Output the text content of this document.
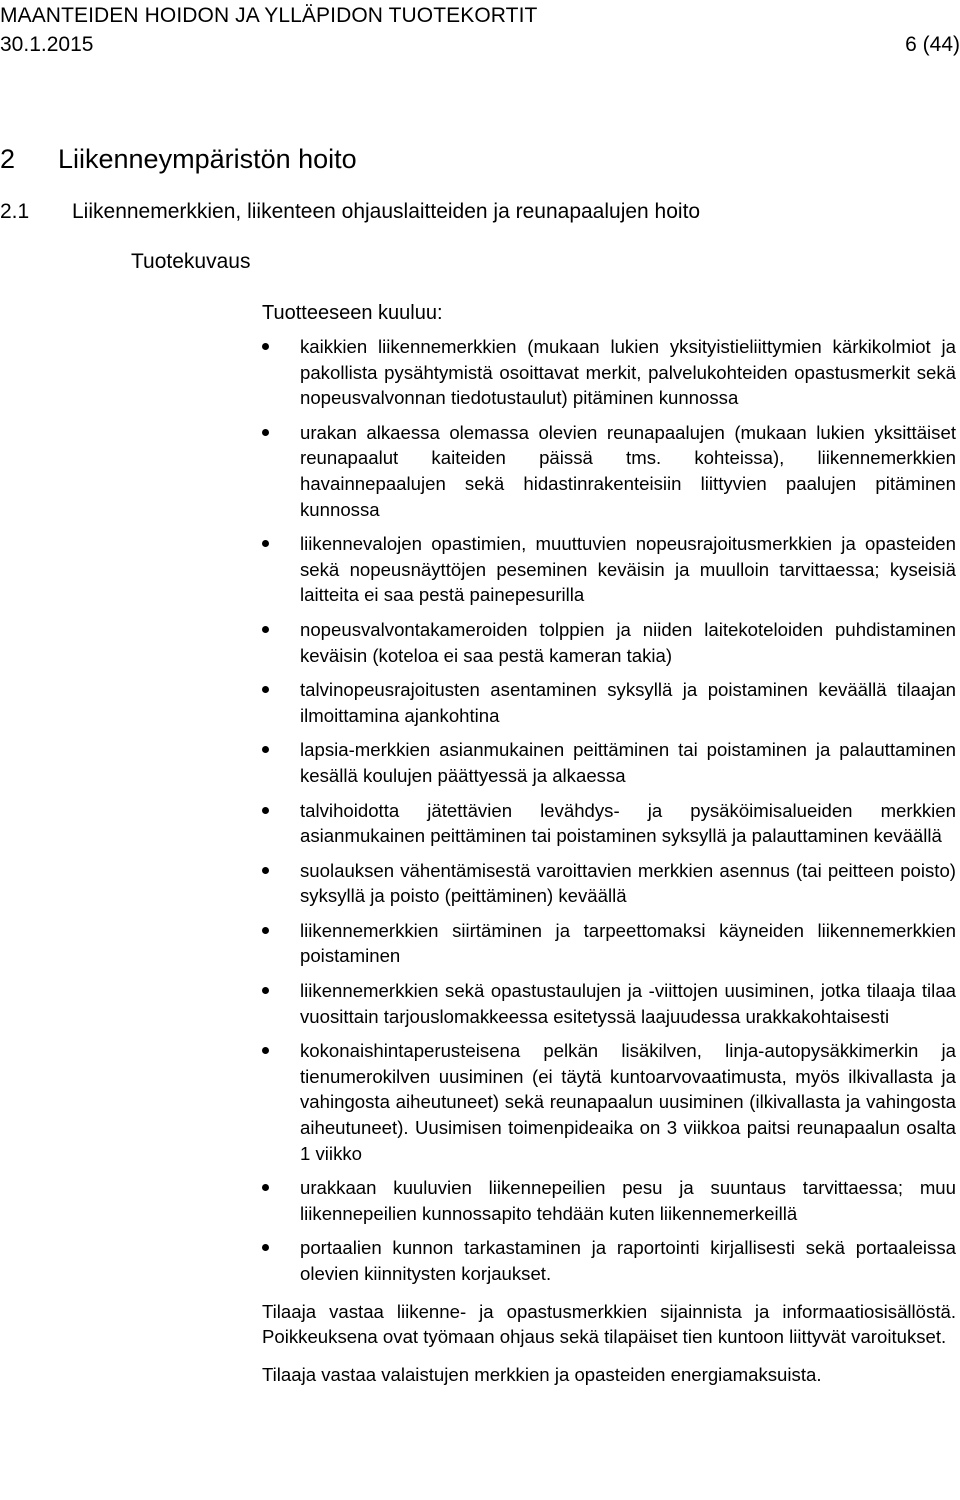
MAANTEIDEN HOIDON JA YLLÄPIDON TUOTEKORTIT
30.1.2015	6 (44)
2 Liikenneympäristön hoito
2.1 Liikennemerkkien, liikenteen ohjauslaitteiden ja reunapaalujen hoito
Tuotekuvaus
Tuotteeseen kuuluu:
kaikkien liikennemerkkien (mukaan lukien yksityistieliittymien kärkikolmiot ja pakollista pysähtymistä osoittavat merkit, palvelukohteiden opastusmerkit sekä nopeusvalvonnan tiedotustaulut) pitäminen kunnossa
urakan alkaessa olemassa olevien reunapaalujen (mukaan lukien yksittäiset reunapaalut kaiteiden päissä tms. kohteissa), liikennemerkkien havainnepaalujen sekä hidastinrakenteisiin liittyvien paalujen pitäminen kunnossa
liikennevalojen opastimien, muuttuvien nopeusrajoitusmerkkien ja opasteiden sekä nopeusnäyttöjen peseminen keväisin ja muulloin tarvittaessa; kyseisiä laitteita ei saa pestä painepesurilla
nopeusvalvontakameroiden tolppien ja niiden laitekoteloiden puhdistaminen keväisin (koteloa ei saa pestä kameran takia)
talvinopeusrajoitusten asentaminen syksyllä ja poistaminen keväällä tilaajan ilmoittamina ajankohtina
lapsia-merkkien asianmukainen peittäminen tai poistaminen ja palauttaminen kesällä koulujen päättyessä ja alkaessa
talvihoidotta jätettävien levähdys- ja pysäköimisalueiden merkkien asianmukainen peittäminen tai poistaminen syksyllä ja palauttaminen keväällä
suolauksen vähentämisestä varoittavien merkkien asennus (tai peitteen poisto) syksyllä ja poisto (peittäminen) keväällä
liikennemerkkien siirtäminen ja tarpeettomaksi käyneiden liikennemerkkien poistaminen
liikennemerkkien sekä opastustaulujen ja -viittojen uusiminen, jotka tilaaja tilaa vuosittain tarjouslomakkeessa esitetyssä laajuudessa urakkakohtaisesti
kokonaishintaperusteisena pelkän lisäkilven, linja-autopysäkkimerkin ja tienumerokilven uusiminen (ei täytä kuntoarvovaatimusta, myös ilkivallasta ja vahingosta aiheutuneet) sekä reunapaalun uusiminen (ilkivallasta ja vahingosta aiheutuneet). Uusimisen toimenpideaika on 3 viikkoa paitsi reunapaalun osalta 1 viikko
urakkaan kuuluvien liikennepeilien pesu ja suuntaus tarvittaessa; muu liikennepeilien kunnossapito tehdään kuten liikennemerkeillä
portaalien kunnon tarkastaminen ja raportointi kirjallisesti sekä portaaleissa olevien kiinnitysten korjaukset.

Tilaaja vastaa liikenne- ja opastusmerkkien sijainnista ja informaatiosisällöstä. Poikkeuksena ovat työmaan ohjaus sekä tilapäiset tien kuntoon liittyvät varoitukset.

Tilaaja vastaa valaistujen merkkien ja opasteiden energiamaksuista.
